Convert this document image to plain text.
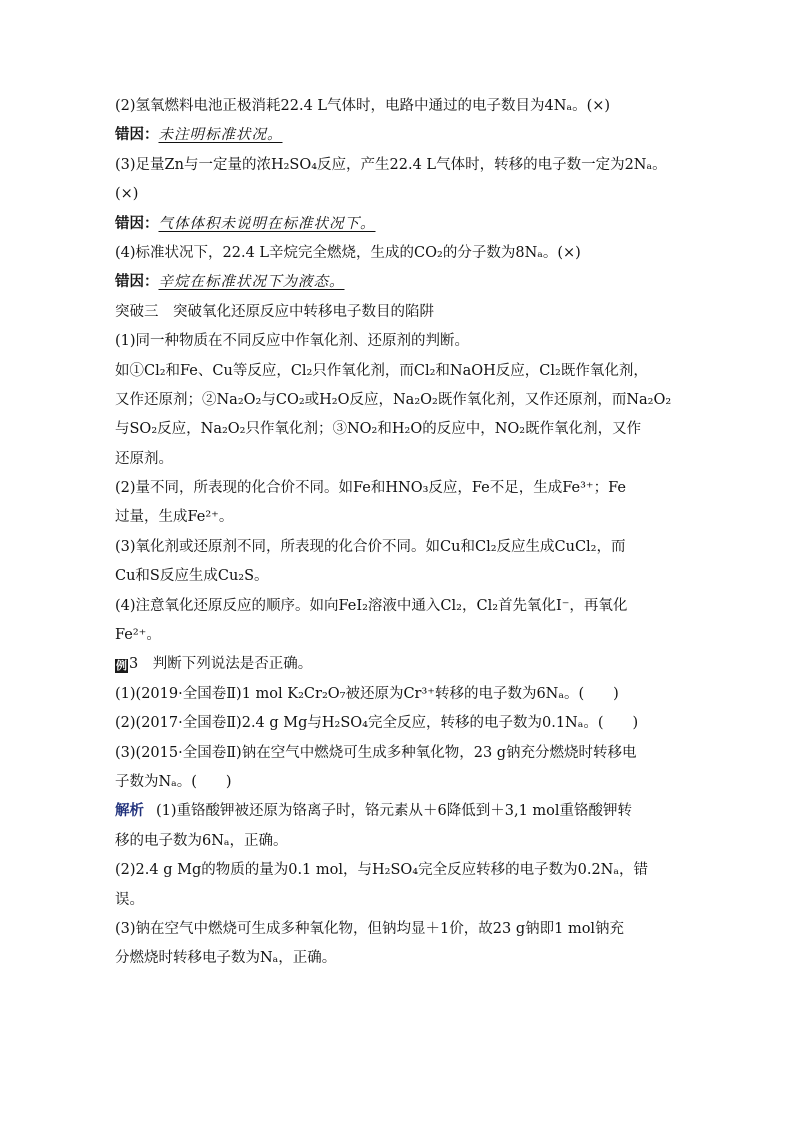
(2)氢氧燃料电池正极消耗22.4 L气体时，电路中通过的电子数目为4Nₐ。(×)
错因：未注明标准状况。
(3)足量Zn与一定量的浓H₂SO₄反应，产生22.4 L气体时，转移的电子数一定为2Nₐ。
(×)
错因：气体体积未说明在标准状况下。
(4)标准状况下，22.4 L辛烷完全燃烧，生成的CO₂的分子数为8Nₐ。(×)
错因：辛烷在标准状况下为液态。
突破三　突破氧化还原反应中转移电子数目的陷阱
(1)同一种物质在不同反应中作氧化剂、还原剂的判断。
如①Cl₂和Fe、Cu等反应，Cl₂只作氧化剂，而Cl₂和NaOH反应，Cl₂既作氧化剂，
又作还原剂；②Na₂O₂与CO₂或H₂O反应，Na₂O₂既作氧化剂，又作还原剂，而Na₂O₂
与SO₂反应，Na₂O₂只作氧化剂；③NO₂和H₂O的反应中，NO₂既作氧化剂，又作
还原剂。
(2)量不同，所表现的化合价不同。如Fe和HNO₃反应，Fe不足，生成Fe³⁺；Fe
过量，生成Fe²⁺。
(3)氧化剂或还原剂不同，所表现的化合价不同。如Cu和Cl₂反应生成CuCl₂，而
Cu和S反应生成Cu₂S。
(4)注意氧化还原反应的顺序。如向FeI₂溶液中通入Cl₂，Cl₂首先氧化I⁻，再氧化
Fe²⁺。
例 3　判断下列说法是否正确。
(1)(2019·全国卷Ⅱ)1 mol K₂Cr₂O₇被还原为Cr³⁺转移的电子数为6Nₐ。(　　)
(2)(2017·全国卷Ⅱ)2.4 g Mg与H₂SO₄完全反应，转移的电子数为0.1Nₐ。(　　)
(3)(2015·全国卷Ⅱ)钠在空气中燃烧可生成多种氧化物，23 g钠充分燃烧时转移电
子数为Nₐ。(　　)
解析 (1)重铬酸钾被还原为铬离子时，铬元素从＋6降低到＋3,1 mol重铬酸钾转
移的电子数为6Nₐ，正确。
(2)2.4 g Mg的物质的量为0.1 mol，与H₂SO₄完全反应转移的电子数为0.2Nₐ，错
误。
(3)钠在空气中燃烧可生成多种氧化物，但钠均显＋1价，故23 g钠即1 mol钠充
分燃烧时转移电子数为Nₐ，正确。
